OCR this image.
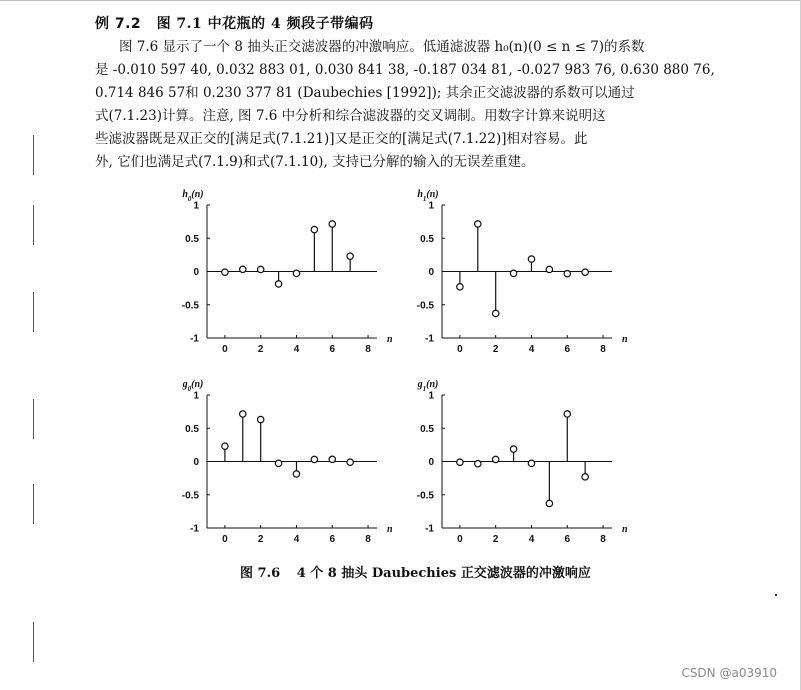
例 7.2 图 7.1 中花瓶的 4 频段子带编码
图 7.6 显示了一个 8 抽头正交滤波器的冲激响应。低通滤波器 h₀(n)(0 ≤ n ≤ 7)的系数
是 -0.010 597 40, 0.032 883 01, 0.030 841 38, -0.187 034 81, -0.027 983 76, 0.630 880 76,
0.714 846 57和 0.230 377 81 (Daubechies [1992]); 其余正交滤波器的系数可以通过
式(7.1.23)计算。注意, 图 7.6 中分析和综合滤波器的交叉调制。用数字计算来说明这
些滤波器既是双正交的[满足式(7.1.21)]又是正交的[满足式(7.1.22)]相对容易。此
外, 它们也满足式(7.1.9)和式(7.1.10), 支持已分解的输入的无误差重建。
1
0.5
0
-0.5
-1
0	2	4	6	8
$h_0(n)$
n
1
0.5
0
-0.5
-1
0	2	4	6	8
$h_1(n)$
n
1
0.5
0
-0.5
-1
0	2	4	6	8
$g_0(n)$
n
1
0.5
0
-0.5
-1
0	2	4	6	8
$g_1(n)$
n
图 7.6 4 个 8 抽头 Daubechies 正交滤波器的冲激响应
CSDN @a03910
